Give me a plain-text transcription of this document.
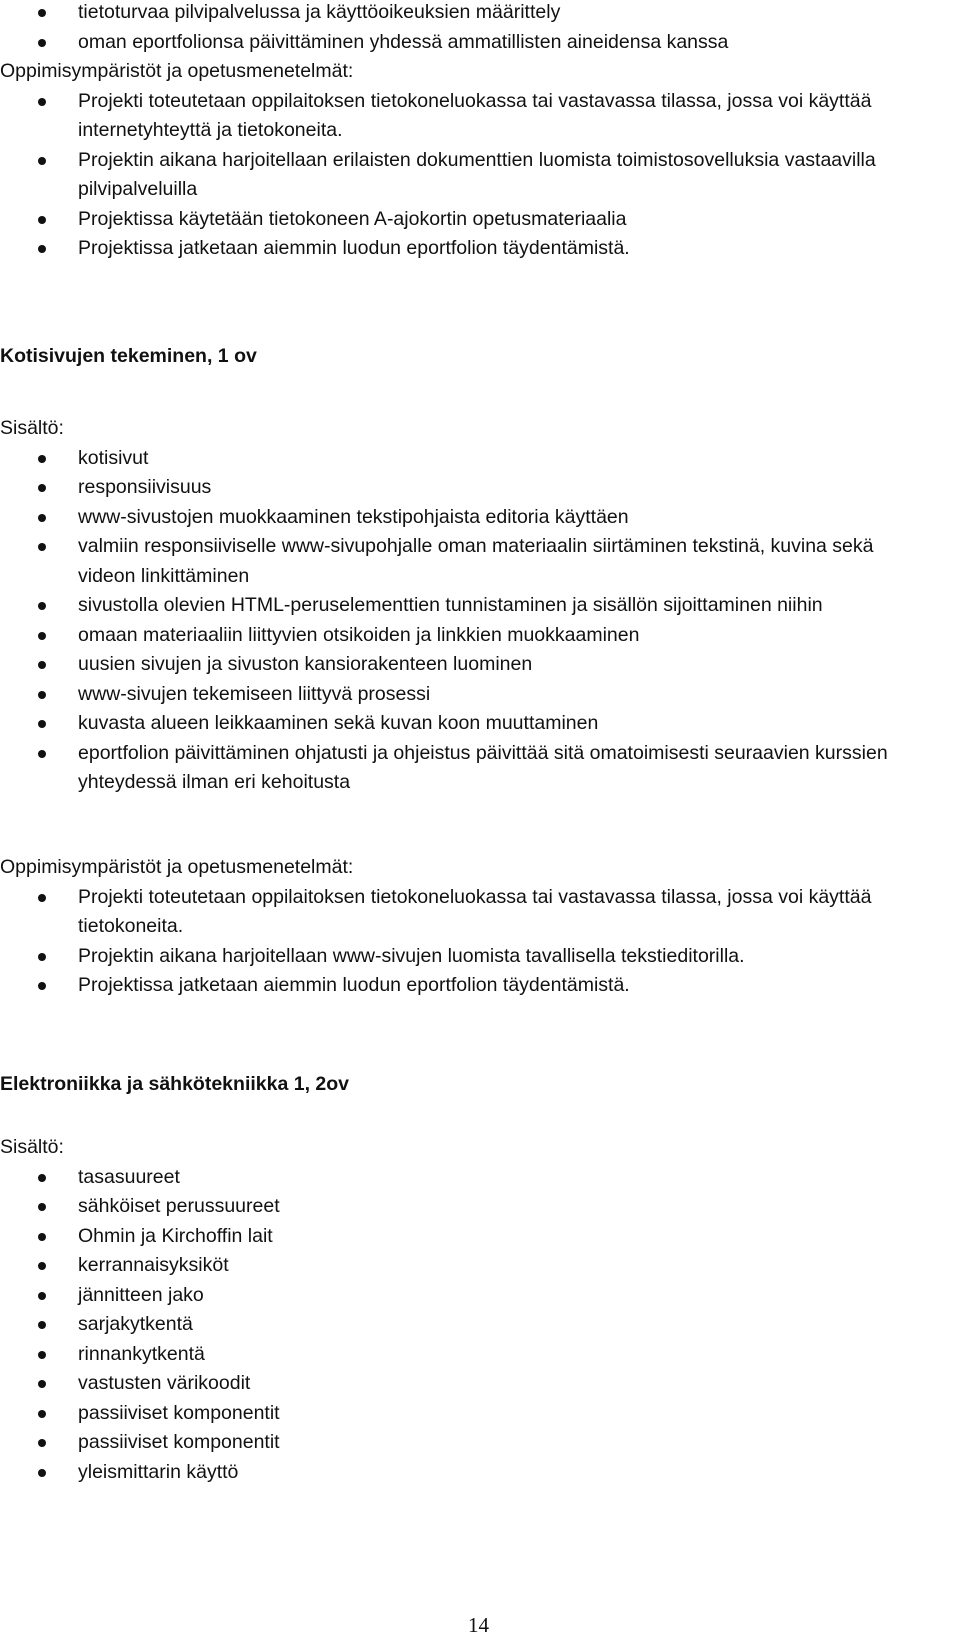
tietoturvaa pilvipalvelussa ja käyttöoikeuksien määrittely
oman eportfolionsa päivittäminen yhdessä ammatillisten aineidensa kanssa

Oppimisympäristöt ja opetusmenetelmät:

Projekti toteutetaan oppilaitoksen tietokoneluokassa tai vastavassa tilassa, jossa voi käyttää internetyhteyttä ja tietokoneita.
Projektin aikana harjoitellaan erilaisten dokumenttien luomista toimistosovelluksia vastaavilla pilvipalveluilla
Projektissa käytetään tietokoneen A-ajokortin opetusmateriaalia
Projektissa jatketaan aiemmin luodun eportfolion täydentämistä.
Kotisivujen tekeminen, 1 ov

Sisältö:

kotisivut
responsiivisuus
www-sivustojen muokkaaminen tekstipohjaista editoria käyttäen
valmiin responsiiviselle www-sivupohjalle oman materiaalin siirtäminen tekstinä, kuvina sekä videon linkittäminen
sivustolla olevien HTML-peruselementtien tunnistaminen ja sisällön sijoittaminen niihin
omaan materiaaliin liittyvien otsikoiden ja linkkien muokkaaminen
uusien sivujen ja sivuston kansiorakenteen luominen
www-sivujen tekemiseen liittyvä prosessi
kuvasta alueen leikkaaminen sekä kuvan koon muuttaminen
eportfolion päivittäminen ohjatusti ja ohjeistus päivittää sitä omatoimisesti seuraavien kurssien yhteydessä ilman eri kehoitusta

Oppimisympäristöt ja opetusmenetelmät:

Projekti toteutetaan oppilaitoksen tietokoneluokassa tai vastavassa tilassa, jossa voi käyttää tietokoneita.
Projektin aikana harjoitellaan www-sivujen luomista tavallisella tekstieditorilla.
Projektissa jatketaan aiemmin luodun eportfolion täydentämistä.
Elektroniikka ja sähkötekniikka 1, 2ov

Sisältö:

tasasuureet
sähköiset perussuureet
Ohmin ja Kirchoffin lait
kerrannaisyksiköt
jännitteen jako
sarjakytkentä
rinnankytkentä
vastusten värikoodit
passiiviset komponentit
passiiviset komponentit
yleismittarin käyttö
14
